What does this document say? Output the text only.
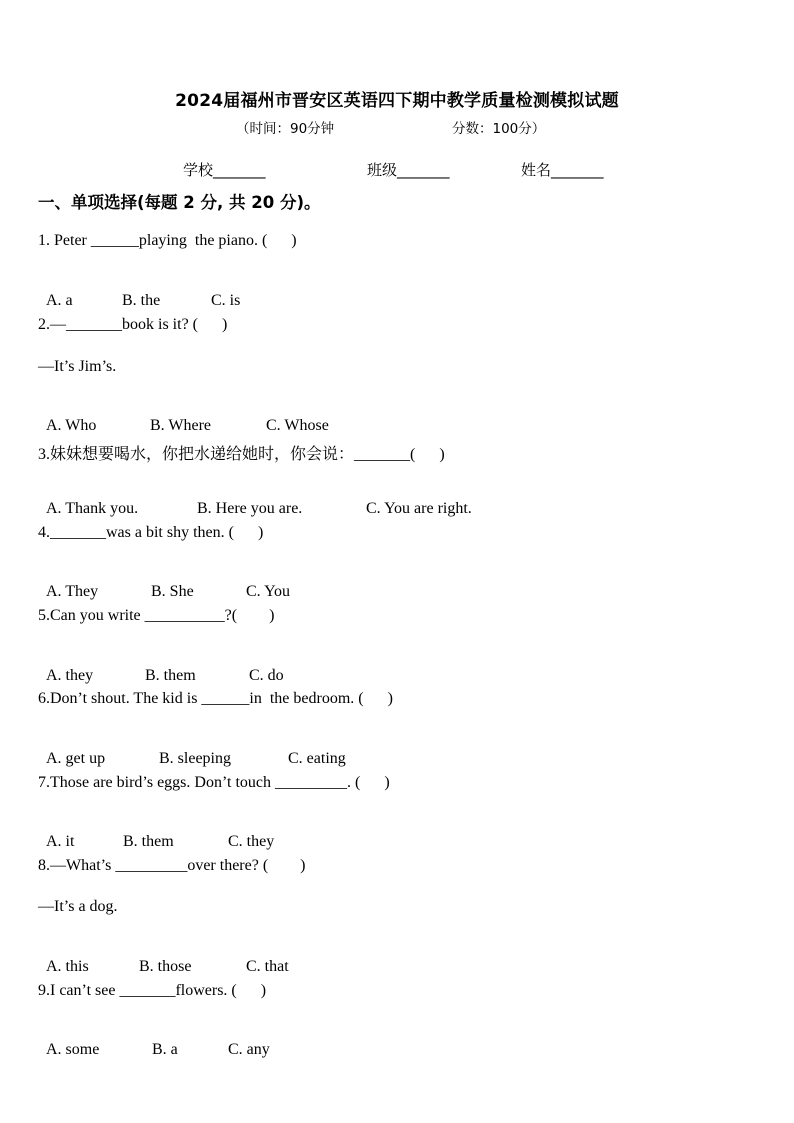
2024届福州市晋安区英语四下期中教学质量检测模拟试题
（时间：90分钟	分数：100分）
学校_______	班级_______	姓名_______
一、单项选择(每题 2 分, 共 20 分)。
1. Peter ______playing  the piano. (      )

A. a	B. the	C. is

2.—_______book is it? (      )
—It’s Jim’s.

A. Who	B. Where	C. Whose

3.妹妹想要喝水，你把水递给她时，你会说：_______(      )

A. Thank you.	B. Here you are.	C. You are right.

4._______was a bit shy then. (      )

A. They	B. She	C. You

5.Can you write __________?(        )

A. they	B. them	C. do

6.Don’t shout. The kid is ______in  the bedroom. (      )

A. get up	B. sleeping	C. eating

7.Those are bird’s eggs. Don’t touch _________. (      )

A. it	B. them	C. they

8.—What’s _________over there? (        )
—It’s a dog.

A. this	B. those	C. that

9.I can’t see _______flowers. (      )

A. some	B. a	C. any
